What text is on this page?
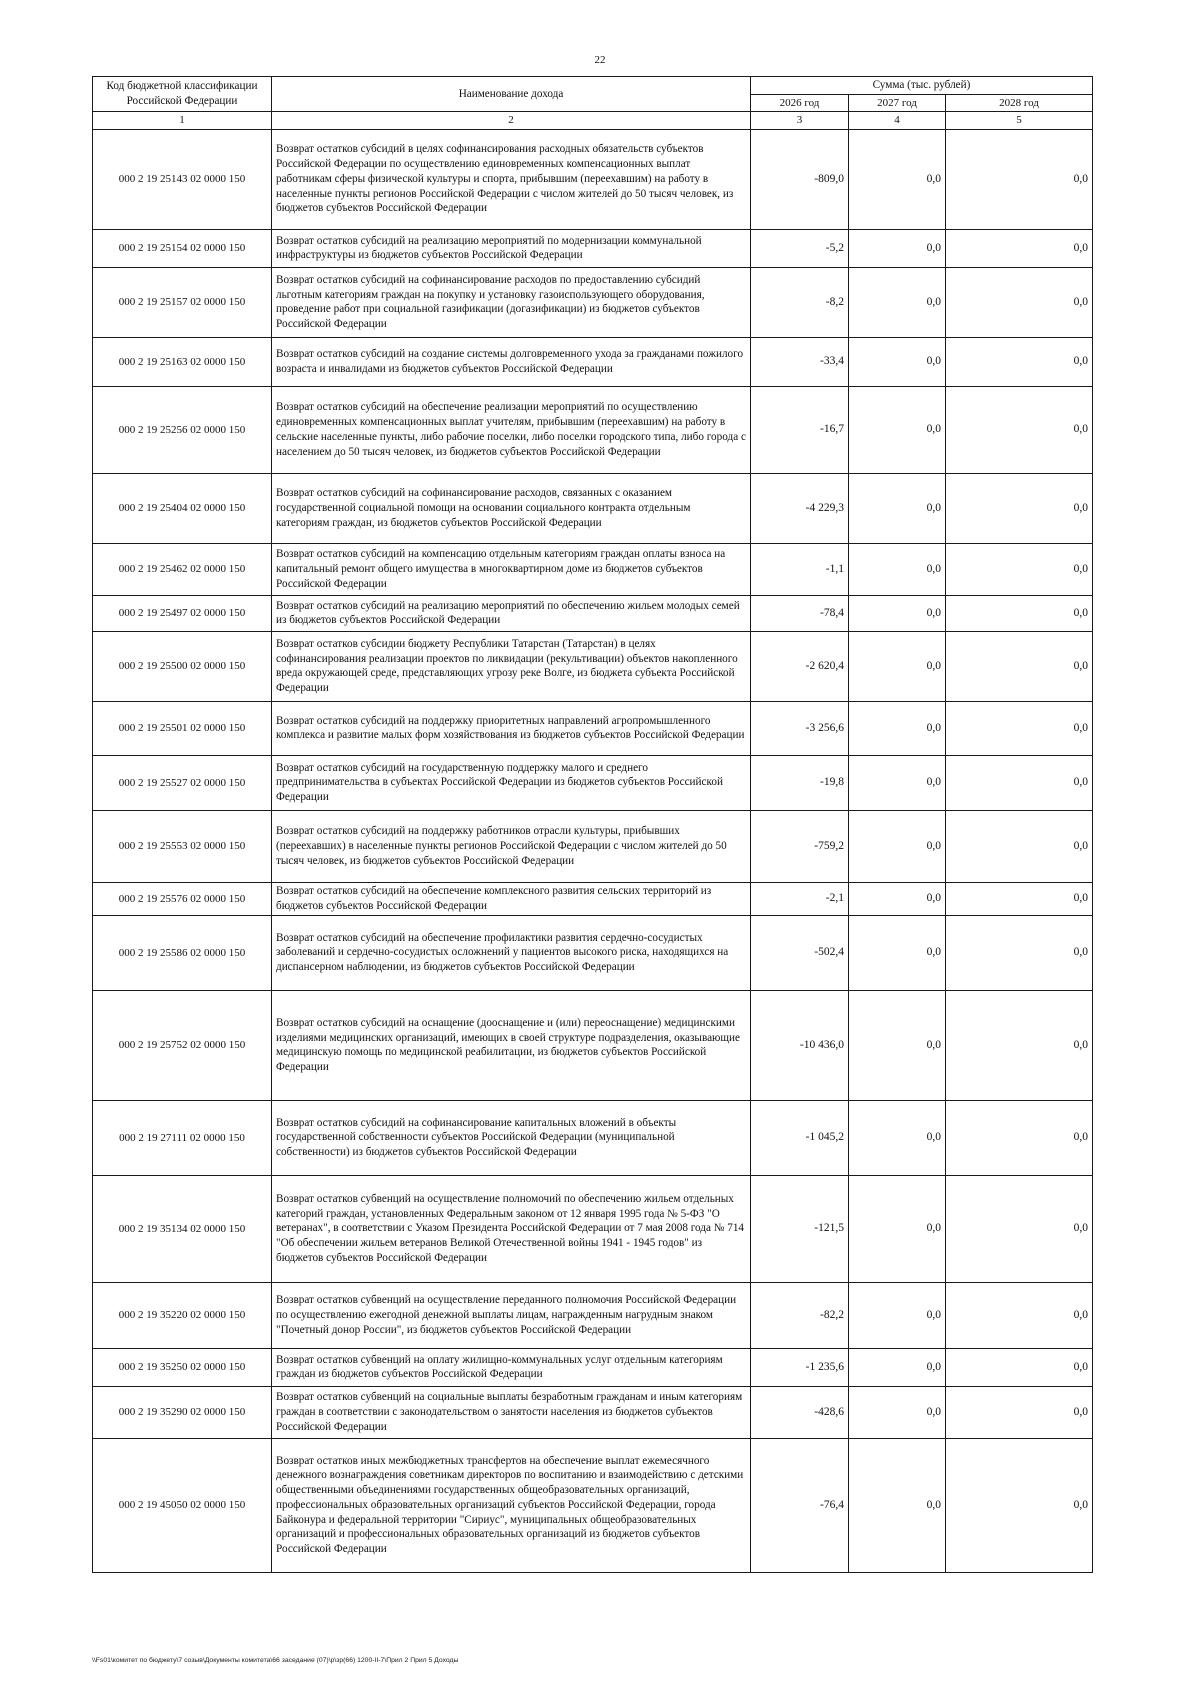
22
Код бюджетной классификации Российской Федерации	Наименование дохода	Сумма (тыс. рублей)		
		2026 год	2027 год	2028 год
1	2	3	4	5
000 2 19 25143 02 0000 150	Возврат остатков субсидий в целях софинансирования расходных обязательств субъектов Российской Федерации по осуществлению единовременных компенсационных выплат работникам сферы физической культуры и спорта, прибывшим (переехавшим) на работу в населенные пункты регионов Российской Федерации с числом жителей до 50 тысяч человек, из бюджетов субъектов Российской Федерации	-809,0	0,0	0,0
000 2 19 25154 02 0000 150	Возврат остатков субсидий на реализацию мероприятий по модернизации коммунальной инфраструктуры из бюджетов субъектов Российской Федерации	-5,2	0,0	0,0
000 2 19 25157 02 0000 150	Возврат остатков субсидий на софинансирование расходов по предоставлению субсидий льготным категориям граждан на покупку и установку газоиспользующего оборудования, проведение работ при социальной газификации (догазификации) из бюджетов субъектов Российской Федерации	-8,2	0,0	0,0
000 2 19 25163 02 0000 150	Возврат остатков субсидий на создание системы долговременного ухода за гражданами пожилого возраста и инвалидами из бюджетов субъектов Российской Федерации	-33,4	0,0	0,0
000 2 19 25256 02 0000 150	Возврат остатков субсидий на обеспечение реализации мероприятий по осуществлению единовременных компенсационных выплат учителям, прибывшим (переехавшим) на работу в сельские населенные пункты, либо рабочие поселки, либо поселки городского типа, либо города с населением до 50 тысяч человек, из бюджетов субъектов Российской Федерации	-16,7	0,0	0,0
000 2 19 25404 02 0000 150	Возврат остатков субсидий на софинансирование расходов, связанных с оказанием государственной социальной помощи на основании социального контракта отдельным категориям граждан, из бюджетов субъектов Российской Федерации	-4 229,3	0,0	0,0
000 2 19 25462 02 0000 150	Возврат остатков субсидий на компенсацию отдельным категориям граждан оплаты взноса на капитальный ремонт общего имущества в многоквартирном доме из бюджетов субъектов Российской Федерации	-1,1	0,0	0,0
000 2 19 25497 02 0000 150	Возврат остатков субсидий на реализацию мероприятий по обеспечению жильем молодых семей из бюджетов субъектов Российской Федерации	-78,4	0,0	0,0
000 2 19 25500 02 0000 150	Возврат остатков субсидии бюджету Республики Татарстан (Татарстан) в целях софинансирования реализации проектов по ликвидации (рекультивации) объектов накопленного вреда окружающей среде, представляющих угрозу реке Волге, из бюджета субъекта Российской Федерации	-2 620,4	0,0	0,0
000 2 19 25501 02 0000 150	Возврат остатков субсидий на поддержку приоритетных направлений агропромышленного комплекса и развитие малых форм хозяйствования из бюджетов субъектов Российской Федерации	-3 256,6	0,0	0,0
000 2 19 25527 02 0000 150	Возврат остатков субсидий на государственную поддержку малого и среднего предпринимательства в субъектах Российской Федерации из бюджетов субъектов Российской Федерации	-19,8	0,0	0,0
000 2 19 25553 02 0000 150	Возврат остатков субсидий на поддержку работников отрасли культуры, прибывших (переехавших) в населенные пункты регионов Российской Федерации с числом жителей до 50 тысяч человек, из бюджетов субъектов Российской Федерации	-759,2	0,0	0,0
000 2 19 25576 02 0000 150	Возврат остатков субсидий на обеспечение комплексного развития сельских территорий из бюджетов субъектов Российской Федерации	-2,1	0,0	0,0
000 2 19 25586 02 0000 150	Возврат остатков субсидий на обеспечение профилактики развития сердечно-сосудистых заболеваний и сердечно-сосудистых осложнений у пациентов высокого риска, находящихся на диспансерном наблюдении, из бюджетов субъектов Российской Федерации	-502,4	0,0	0,0
000 2 19 25752 02 0000 150	Возврат остатков субсидий на оснащение (дооснащение и (или) переоснащение) медицинскими изделиями медицинских организаций, имеющих в своей структуре подразделения, оказывающие медицинскую помощь по медицинской реабилитации, из бюджетов субъектов Российской Федерации	-10 436,0	0,0	0,0
000 2 19 27111 02 0000 150	Возврат остатков субсидий на софинансирование капитальных вложений в объекты государственной собственности субъектов Российской Федерации (муниципальной собственности) из бюджетов субъектов Российской Федерации	-1 045,2	0,0	0,0
000 2 19 35134 02 0000 150	Возврат остатков субвенций на осуществление полномочий по обеспечению жильем отдельных категорий граждан, установленных Федеральным законом от 12 января 1995 года № 5-ФЗ "О ветеранах", в соответствии с Указом Президента Российской Федерации от 7 мая 2008 года № 714 "Об обеспечении жильем ветеранов Великой Отечественной войны 1941 - 1945 годов" из бюджетов субъектов Российской Федерации	-121,5	0,0	0,0
000 2 19 35220 02 0000 150	Возврат остатков субвенций на осуществление переданного полномочия Российской Федерации по осуществлению ежегодной денежной выплаты лицам, награжденным нагрудным знаком "Почетный донор России", из бюджетов субъектов Российской Федерации	-82,2	0,0	0,0
000 2 19 35250 02 0000 150	Возврат остатков субвенций на оплату жилищно-коммунальных услуг отдельным категориям граждан из бюджетов субъектов Российской Федерации	-1 235,6	0,0	0,0
000 2 19 35290 02 0000 150	Возврат остатков субвенций на социальные выплаты безработным гражданам и иным категориям граждан в соответствии с законодательством о занятости населения из бюджетов субъектов Российской Федерации	-428,6	0,0	0,0
000 2 19 45050 02 0000 150	Возврат остатков иных межбюджетных трансфертов на обеспечение выплат ежемесячного денежного вознаграждения советникам директоров по воспитанию и взаимодействию с детскими общественными объединениями государственных общеобразовательных организаций, профессиональных образовательных организаций субъектов Российской Федерации, города Байконура и федеральной территории "Сириус", муниципальных общеобразовательных организаций и профессиональных образовательных организаций из бюджетов субъектов Российской Федерации	-76,4	0,0	0,0
\\Fs01\комитет по бюджету\7 созыв\Документы комитета\66 заседание (07)\р\зр(66) 1200-II-7\Прил 2 Прил 5 Доходы
